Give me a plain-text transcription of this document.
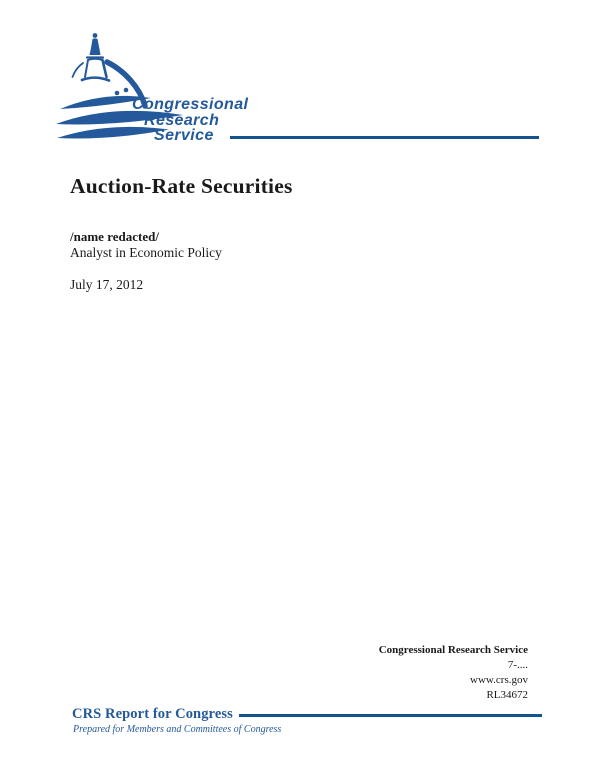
Congressional
Research
Service
Auction-Rate Securities

/name redacted/

Analyst in Economic Policy

July 17, 2012

Congressional Research Service
7-....
www.crs.gov
RL34672
CRS Report for Congress
Prepared for Members and Committees of Congress
